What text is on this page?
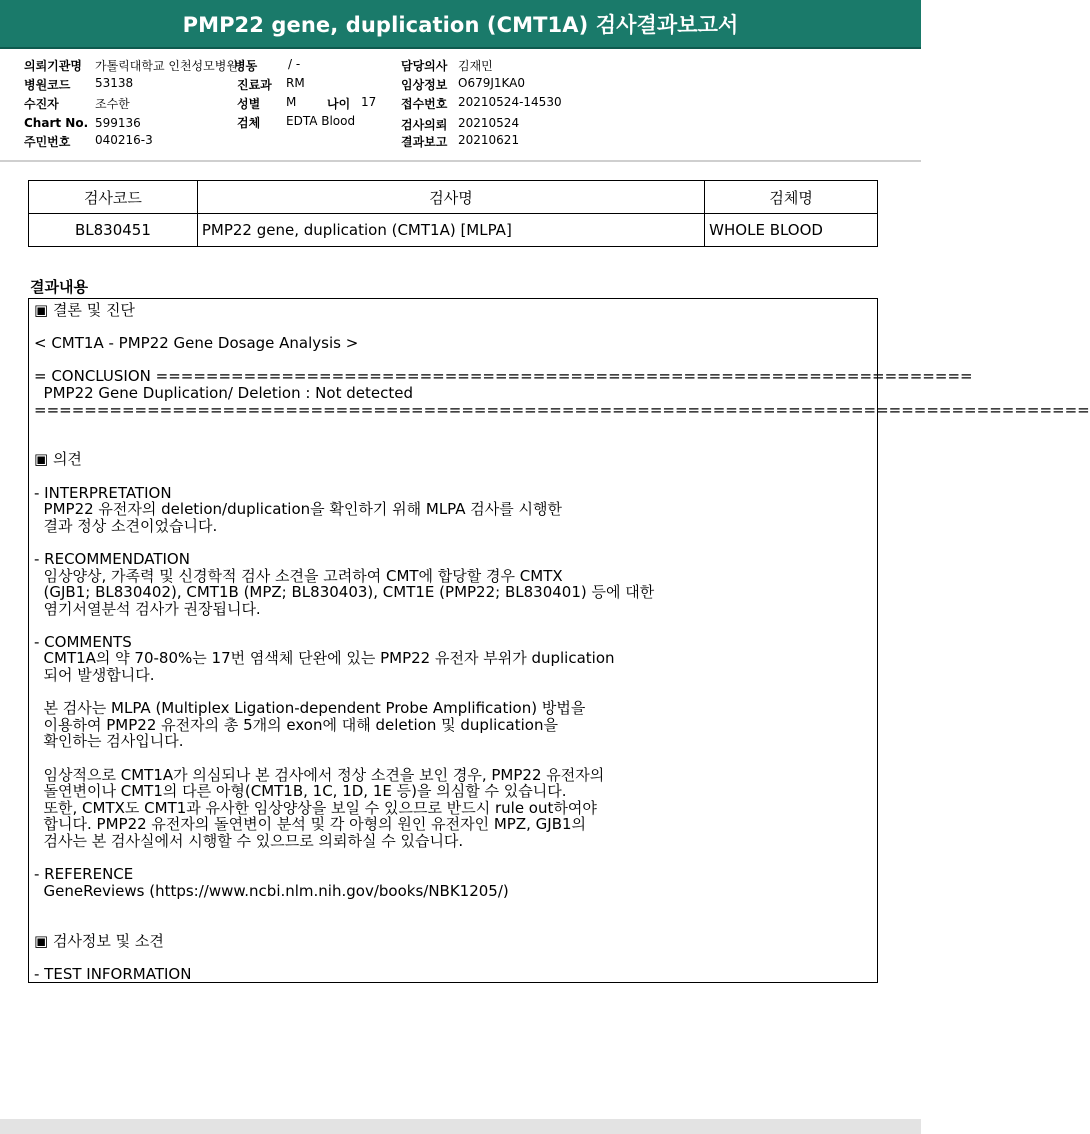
PMP22 gene, duplication (CMT1A) 검사결과보고서
의뢰기관명 가톨릭대학교 인천성모병원
병동	/ -	담당의사 김재민
병원코드 53138	진료과 RM	임상정보 O679J1KA0
수진자	조수한	성별 M	나이 17 접수번호 20210524-14530
Chart No. 599136	검체 EDTA Blood	검사의뢰 20210524
주민번호 040216-3	결과보고 20210621
검사코드	검사명	검체명
BL830451	PMP22 gene, duplication (CMT1A) [MLPA]	WHOLE BLOOD
결과내용
▣ 결론 및 진단

< CMT1A - PMP22 Gene Dosage Analysis >

= CONCLUSION =================================================================
PMP22 Gene Duplication/ Deletion : Not detected
====================================================================================

▣ 의견

- INTERPRETATION
PMP22 유전자의 deletion/duplication을 확인하기 위해 MLPA 검사를 시행한
결과 정상 소견이었습니다.

- RECOMMENDATION
임상양상, 가족력 및 신경학적 검사 소견을 고려하여 CMT에 합당할 경우 CMTX
(GJB1; BL830402), CMT1B (MPZ; BL830403), CMT1E (PMP22; BL830401) 등에 대한
염기서열분석 검사가 권장됩니다.

- COMMENTS
CMT1A의 약 70-80%는 17번 염색체 단완에 있는 PMP22 유전자 부위가 duplication
되어 발생합니다.

본 검사는 MLPA (Multiplex Ligation-dependent Probe Amplification) 방법을
이용하여 PMP22 유전자의 총 5개의 exon에 대해 deletion 및 duplication을
확인하는 검사입니다.

임상적으로 CMT1A가 의심되나 본 검사에서 정상 소견을 보인 경우, PMP22 유전자의
돌연변이나 CMT1의 다른 아형(CMT1B, 1C, 1D, 1E 등)을 의심할 수 있습니다.
또한, CMTX도 CMT1과 유사한 임상양상을 보일 수 있으므로 반드시 rule out하여야
합니다. PMP22 유전자의 돌연변이 분석 및 각 아형의 원인 유전자인 MPZ, GJB1의
검사는 본 검사실에서 시행할 수 있으므로 의뢰하실 수 있습니다.

- REFERENCE
GeneReviews (https://www.ncbi.nlm.nih.gov/books/NBK1205/)

▣ 검사정보 및 소견

- TEST INFORMATION
